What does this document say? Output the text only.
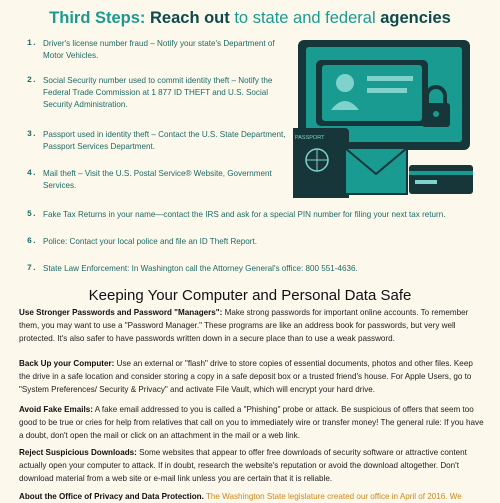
Third Steps: Reach out to state and federal agencies
1. Driver's license number fraud – Notify your state's Department of Motor Vehicles.
2. Social Security number used to commit identity theft – Notify the Federal Trade Commission at 1 877 ID THEFT and U.S. Social Security Administration.
3. Passport used in identity theft – Contact the U.S. State Department, Passport Services Department.
4. Mail theft – Visit the U.S. Postal Service® Website, Government Services.
5. Fake Tax Returns in your name—contact the IRS and ask for a special PIN number for filing your next tax return.
6. Police: Contact your local police and file an ID Theft Report.
7. State Law Enforcement: In Washington call the Attorney General's office: 800 551-4636.
PASSPORT
Keeping Your Computer and Personal Data Safe
Use Stronger Passwords and Password "Managers": Make strong passwords for important online accounts. To remember them, you may want to use a "Password Manager." These programs are like an address book for passwords, but very well protected. It's also safer to have passwords written down in a secure place than to use a weak password.
Back Up your Computer: Use an external or "flash" drive to store copies of essential documents, photos and other files. Keep the drive in a safe location and consider storing a copy in a safe deposit box or a trusted friend's house. For Apple Users, go to "System Preferences/ Security & Privacy" and activate File Vault, which will encrypt your hard drive.
Avoid Fake Emails: A fake email addressed to you is called a "Phishing" probe or attack. Be suspicious of offers that seem too good to be true or cries for help from relatives that call on you to immediately wire or transfer money! The general rule: If you have a doubt, don't open the mail or click on an attachment in the mail or a web link.
Reject Suspicious Downloads: Some websites that appear to offer free downloads of security software or attractive content actually open your computer to attack. If in doubt, research the website's reputation or avoid the download altogether. Don't download material from a web site or e-mail link unless you are certain that it is reliable.
About the Office of Privacy and Data Protection. The Washington State legislature created our office in April of 2016. We
